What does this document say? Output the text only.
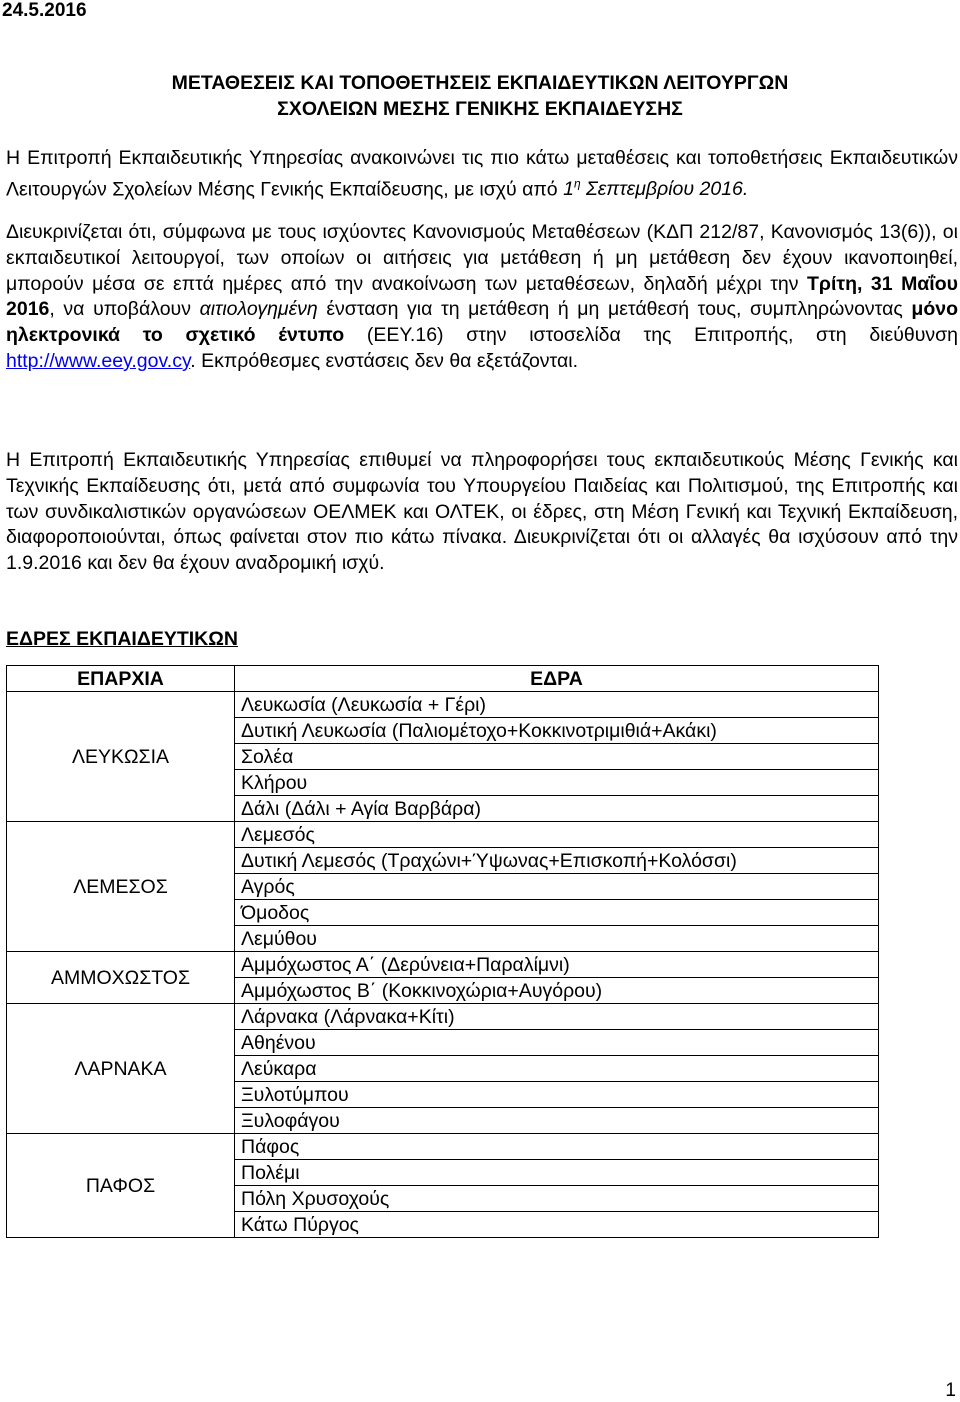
24.5.2016
ΜΕΤΑΘΕΣΕΙΣ ΚΑΙ ΤΟΠΟΘΕΤΗΣΕΙΣ ΕΚΠΑΙΔΕΥΤΙΚΩΝ ΛΕΙΤΟΥΡΓΩΝ
ΣΧΟΛΕΙΩΝ ΜΕΣΗΣ ΓΕΝΙΚΗΣ ΕΚΠΑΙΔΕΥΣΗΣ
Η Επιτροπή Εκπαιδευτικής Υπηρεσίας ανακοινώνει τις πιο κάτω μεταθέσεις και τοποθετήσεις Εκπαιδευτικών Λειτουργών Σχολείων Μέσης Γενικής Εκπαίδευσης, με ισχύ από $1^\eta$ Σεπτεμβρίου 2016.
Διευκρινίζεται ότι, σύμφωνα με τους ισχύοντες Κανονισμούς Μεταθέσεων (ΚΔΠ 212/87, Κανονισμός 13(6)), οι εκπαιδευτικοί λειτουργοί, των οποίων οι αιτήσεις για μετάθεση ή μη μετάθεση δεν έχουν ικανοποιηθεί, μπορούν μέσα σε επτά ημέρες από την ανακοίνωση των μεταθέσεων, δηλαδή μέχρι την Τρίτη, 31 Μαΐου 2016, να υποβάλουν αιτιολογημένη ένσταση για τη μετάθεση ή μη μετάθεσή τους, συμπληρώνοντας μόνο ηλεκτρονικά το σχετικό έντυπο (ΕΕΥ.16) στην ιστοσελίδα της Επιτροπής, στη διεύθυνση http://www.eey.gov.cy. Εκπρόθεσμες ενστάσεις δεν θα εξετάζονται.
Η Επιτροπή Εκπαιδευτικής Υπηρεσίας επιθυμεί να πληροφορήσει τους εκπαιδευτικούς Μέσης Γενικής και Τεχνικής Εκπαίδευσης ότι, μετά από συμφωνία του Υπουργείου Παιδείας και Πολιτισμού, της Επιτροπής και των συνδικαλιστικών οργανώσεων ΟΕΛΜΕΚ και ΟΛΤΕΚ, οι έδρες, στη Μέση Γενική και Τεχνική Εκπαίδευση, διαφοροποιούνται, όπως φαίνεται στον πιο κάτω πίνακα. Διευκρινίζεται ότι οι αλλαγές θα ισχύσουν από την 1.9.2016 και δεν θα έχουν αναδρομική ισχύ.
ΕΔΡΕΣ ΕΚΠΑΙΔΕΥΤΙΚΩΝ
ΕΠΑΡΧΙΑ	ΕΔΡΑ
ΛΕΥΚΩΣΙΑ	Λευκωσία (Λευκωσία + Γέρι)
	Δυτική Λευκωσία (Παλιομέτοχο+Κοκκινοτριμιθιά+Ακάκι)
	Σολέα
	Κλήρου
	Δάλι (Δάλι + Αγία Βαρβάρα)
ΛΕΜΕΣΟΣ	Λεμεσός
	Δυτική Λεμεσός (Τραχώνι+Ύψωνας+Επισκοπή+Κολόσσι)
	Αγρός
	Όμοδος
	Λεμύθου
ΑΜΜΟΧΩΣΤΟΣ	Αμμόχωστος Α΄ (Δερύνεια+Παραλίμνι)
	Αμμόχωστος Β΄ (Κοκκινοχώρια+Αυγόρου)
ΛΑΡΝΑΚΑ	Λάρνακα (Λάρνακα+Κίτι)
	Αθηένου
	Λεύκαρα
	Ξυλοτύμπου
	Ξυλοφάγου
ΠΑΦΟΣ	Πάφος
	Πολέμι
	Πόλη Χρυσοχούς
	Κάτω Πύργος
1
